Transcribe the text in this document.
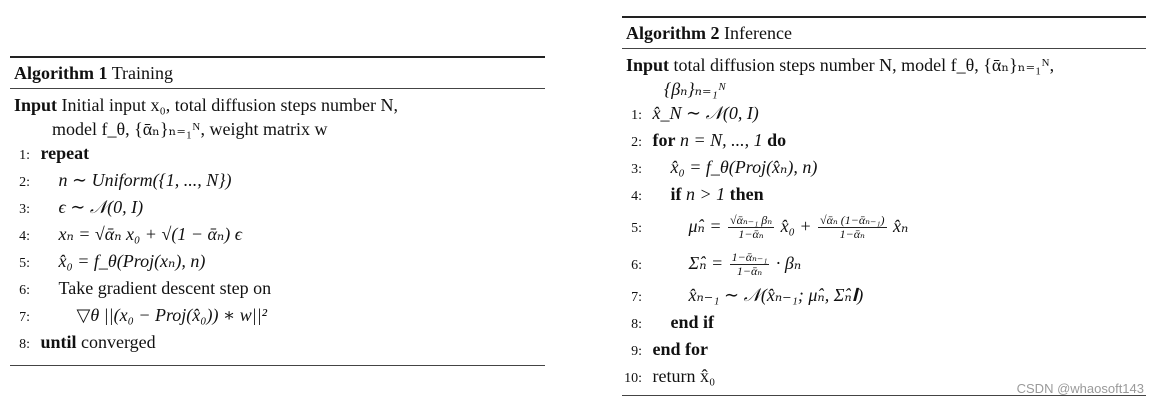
Algorithm 1 Training
Input Initial input x₀, total diffusion steps number N,
model f_θ, {ᾱₙ}ₙ₌₁ᴺ, weight matrix w
1: repeat
2: n ∼ Uniform({1, ..., N})
3: ϵ ∼ 𝒩(0, I)
4: xₙ = √ᾱₙ x₀ + √(1 − ᾱₙ) ϵ
5: x̂₀ = f_θ(Proj(xₙ), n)
6: Take gradient descent step on
7:	▽θ ||(x₀ − Proj(x̂₀)) ∗ w||²
8: until converged
Algorithm 2 Inference
Input total diffusion steps number N, model f_θ, {ᾱₙ}ₙ₌₁ᴺ,
{βₙ}ₙ₌₁ᴺ
1: x̂_N ∼ 𝒩(0, I)
2: for n = N, ..., 1 do
3: x̂₀ = f_θ(Proj(x̂ₙ), n)
4: if n > 1 then
5:	μ̂ₙ = $\frac{\text{√ᾱₙ₋₁ βₙ}}{\text{1−ᾱₙ}}$ x̂₀ + $\frac{\text{√ᾱₙ (1−ᾱₙ₋₁)}}{\text{1−ᾱₙ}}$ x̂ₙ
6:	Σ̂ₙ = $\frac{\text{1−ᾱₙ₋₁}}{\text{1−ᾱₙ}} \cdot \beta_n$
7:	x̂ₙ₋₁ ∼ 𝒩(x̂ₙ₋₁; μ̂ₙ, Σ̂ₙ𝐈)
8: end if
9: end for
10: return x̂₀
CSDN @whaosoft143
